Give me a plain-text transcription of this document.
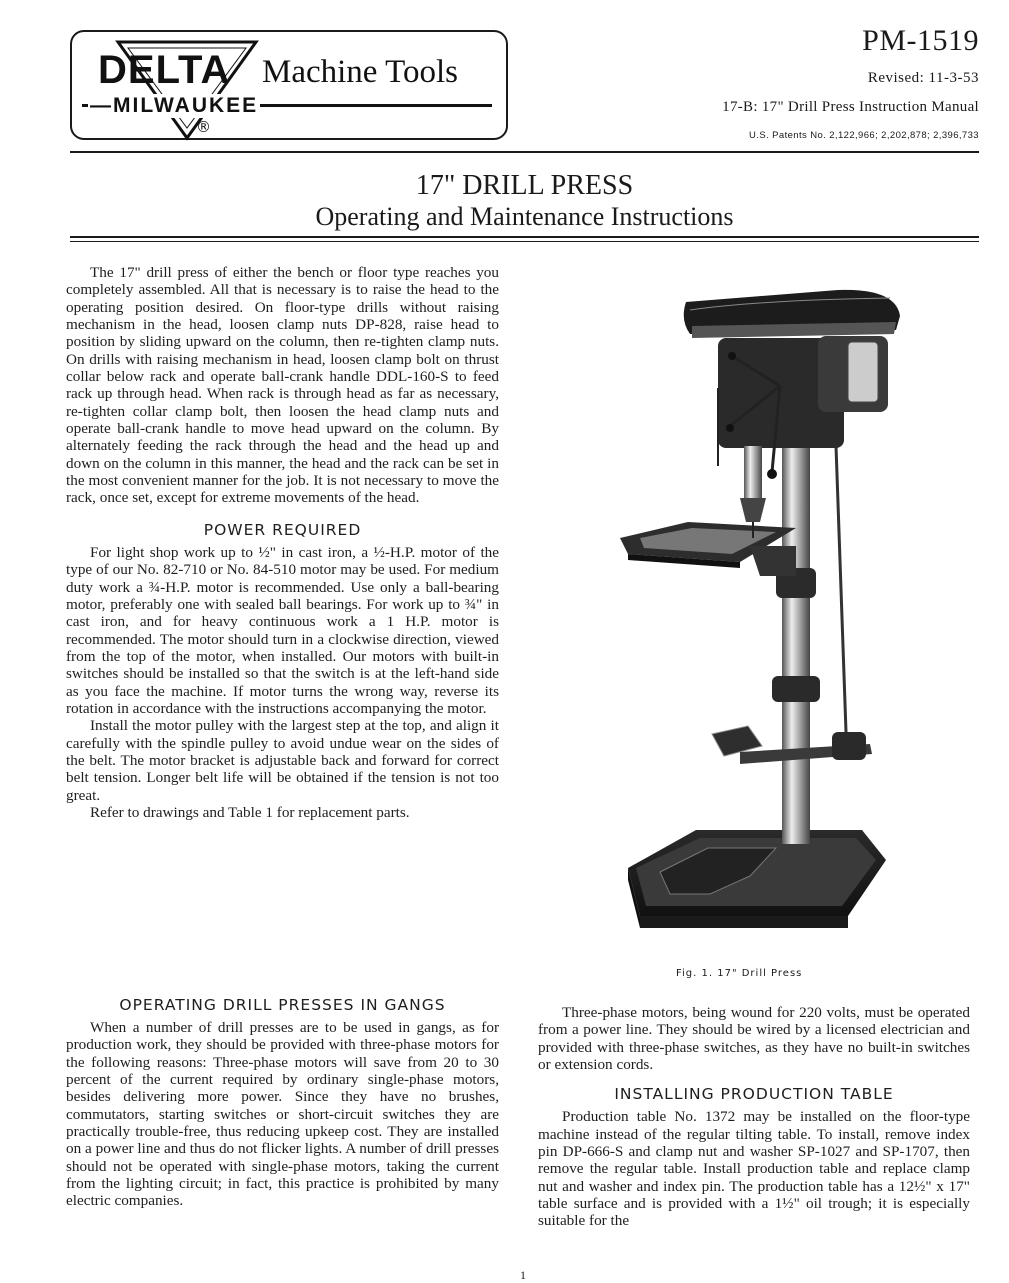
DELTA Machine Tools
—MILWAUKEE
®
PM-1519
Revised: 11-3-53
17-B: 17" Drill Press Instruction Manual
U.S. Patents No. 2,122,966; 2,202,878; 2,396,733
17" DRILL PRESS
Operating and Maintenance Instructions

The 17" drill press of either the bench or floor type reaches you completely assembled. All that is necessary is to raise the head to the operating position desired. On floor-type drills without raising mechanism in the head, loosen clamp nuts DP-828, raise head to position by sliding upward on the column, then re-tighten clamp nuts. On drills with raising mechanism in head, loosen clamp bolt on thrust collar below rack and operate ball-crank handle DDL-160-S to feed rack up through head. When rack is through head as far as necessary, re-tighten collar clamp bolt, then loosen the head clamp nuts and operate ball-crank handle to move head upward on the column. By alternately feeding the rack through the head and the head up and down on the column in this manner, the head and the rack can be set in the most convenient manner for the job. It is not necessary to move the rack, once set, except for extreme movements of the head.

POWER REQUIRED

For light shop work up to ½" in cast iron, a ½-H.P. motor of the type of our No. 82-710 or No. 84-510 motor may be used. For medium duty work a ¾-H.P. motor is recommended. Use only a ball-bearing motor, preferably one with sealed ball bearings. For work up to ¾" in cast iron, and for heavy continuous work a 1 H.P. motor is recommended. The motor should turn in a clockwise direction, viewed from the top of the motor, when installed. Our motors with built-in switches should be installed so that the switch is at the left-hand side as you face the machine. If motor turns the wrong way, reverse its rotation in accordance with the instructions accompanying the motor.

Install the motor pulley with the largest step at the top, and align it carefully with the spindle pulley to avoid undue wear on the sides of the belt. The motor bracket is adjustable back and forward for correct belt tension. Longer belt life will be obtained if the tension is not too great.

Refer to drawings and Table 1 for replacement parts.

OPERATING DRILL PRESSES IN GANGS

When a number of drill presses are to be used in gangs, as for production work, they should be provided with three-phase motors for the following reasons: Three-phase motors will save from 20 to 30 percent of the current required by ordinary single-phase motors, besides delivering more power. Since they have no brushes, commutators, starting switches or short-circuit switches they are practically trouble-free, thus reducing upkeep cost. They are installed on a power line and thus do not flicker lights. A number of drill presses should not be operated with single-phase motors, taking the current from the lighting circuit; in fact, this practice is prohibited by many electric companies.

Fig. 1. 17" Drill Press

Three-phase motors, being wound for 220 volts, must be operated from a power line. They should be wired by a licensed electrician and provided with three-phase switches, as they have no built-in switches or extension cords.

INSTALLING PRODUCTION TABLE

Production table No. 1372 may be installed on the floor-type machine instead of the regular tilting table. To install, remove index pin DP-666-S and clamp nut and washer SP-1027 and SP-1707, then remove the regular table. Install production table and replace clamp nut and washer and index pin. The production table has a 12½" x 17" table surface and is provided with a 1½" oil trough; it is especially suitable for the

1
